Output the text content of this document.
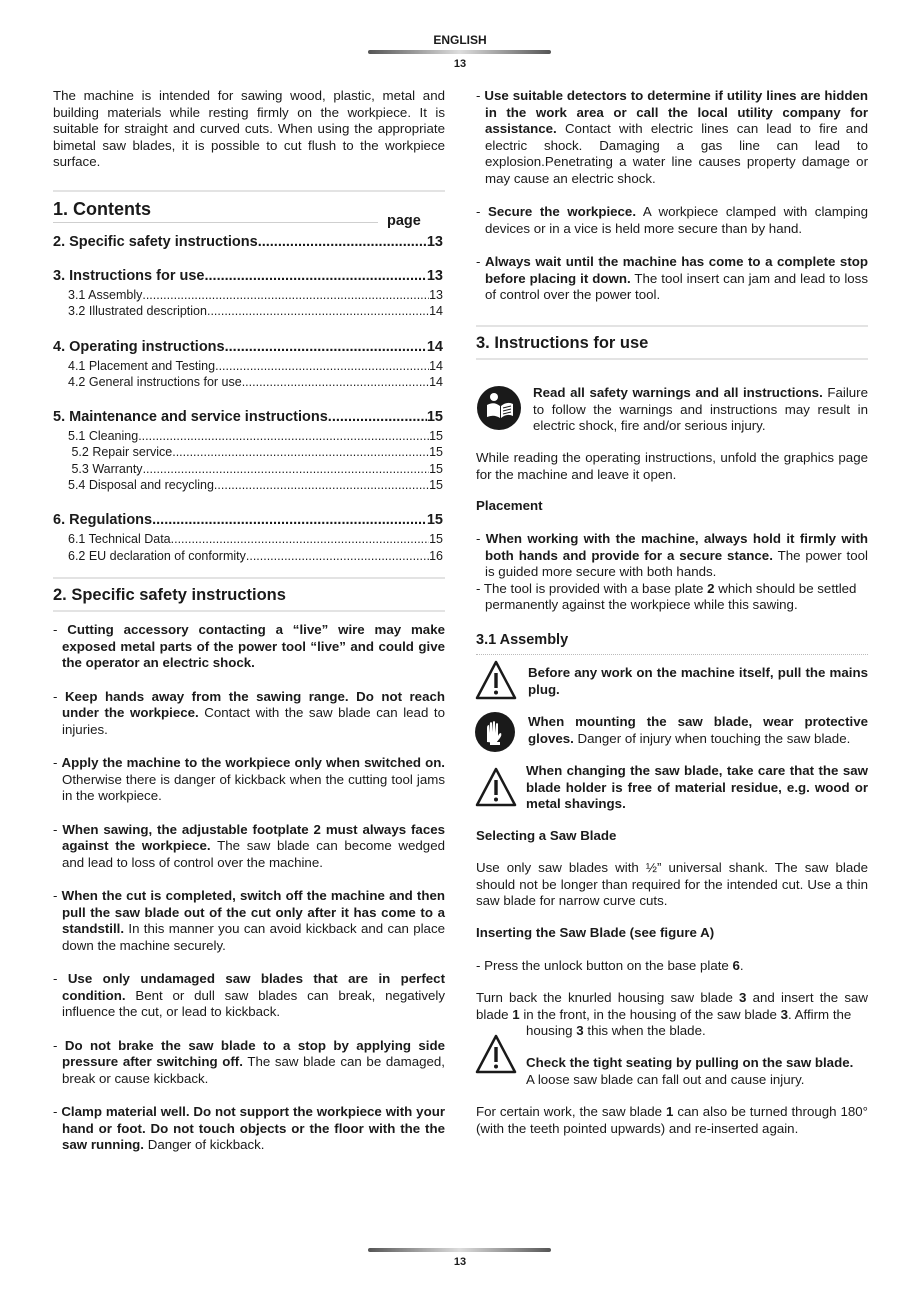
ENGLISH
13
The machine is intended for sawing wood, plastic, metal and building materials while resting firmly on the workpiece. It is suitable for straight and curved cuts. When using the appropriate bimetal saw blades, it is possible to cut flush to the workpiece surface.
1. Contents
page
2. Specific safety instructions .....	13
3. Instructions for use .....	13
3.1 Assembly .....	13
3.2 Illustrated description .....	14
4. Operating instructions .....	14
4.1 Placement and Testing .....	14
4.2 General instructions for use .....	14
5. Maintenance and service instructions .....	15
5.1 Cleaning .....	15
5.2 Repair service .....	15
5.3 Warranty .....	15
5.4 Disposal and recycling .....	15
6. Regulations .....	15
6.1 Technical Data .....	15
6.2 EU declaration of conformity .....	16
2. Specific safety instructions
- Cutting accessory contacting a “live” wire may make exposed metal parts of the power tool “live” and could give the operator an electric shock.
- Keep hands away from the sawing range. Do not reach under the workpiece. Contact with the saw blade can lead to injuries.
- Apply the machine to the workpiece only when switched on. Otherwise there is danger of kickback when the cutting tool jams in the workpiece.
- When sawing, the adjustable footplate 2 must always faces against the workpiece. The saw blade can become wedged and lead to loss of control over the machine.
- When the cut is completed, switch off the machine and then pull the saw blade out of the cut only after it has come to a standstill. In this manner you can avoid kickback and can place down the machine securely.
- Use only undamaged saw blades that are in perfect condition. Bent or dull saw blades can break, negatively influence the cut, or lead to kickback.
- Do not brake the saw blade to a stop by applying side pressure after switching off. The saw blade can be damaged, break or cause kickback.
- Clamp material well. Do not support the workpiece with your hand or foot. Do not touch objects or the floor with the the saw running. Danger of kickback.
- Use suitable detectors to determine if utility lines are hidden in the work area or call the local utility company for assistance. Contact with electric lines can lead to fire and electric shock. Damaging a gas line can lead to explosion.Penetrating a water line causes property damage or may cause an electric shock.
- Secure the workpiece. A workpiece clamped with clamping devices or in a vice is held more secure than by hand.
- Always wait until the machine has come to a complete stop before placing it down. The tool insert can jam and lead to loss of control over the power tool.
3. Instructions for use
Read all safety warnings and all instructions. Failure to follow the warnings and instructions may result in electric shock, fire and/or serious injury.
While reading the operating instructions, unfold the graphics page for the machine and leave it open.
Placement
- When working with the machine, always hold it firmly with both hands and provide for a secure stance. The power tool is guided more secure with both hands.
- The tool is provided with a base plate 2 which should be settled permanently against the workpiece while this sawing.
3.1 Assembly
Before any work on the machine itself, pull the mains plug.
When mounting the saw blade, wear protective gloves. Danger of injury when touching the saw blade.
When changing the saw blade, take care that the saw blade holder is free of material residue, e.g. wood or metal shavings.
Selecting a Saw Blade
Use only saw blades with ½” universal shank. The saw blade should not be longer than required for the intended cut. Use a thin saw blade for narrow curve cuts.
Inserting the Saw Blade (see figure A)
- Press the unlock button on the base plate 6.
Turn back the knurled housing saw blade 3 and insert the saw blade 1 in the front, in the housing of the saw blade 3. Affirm the
housing 3 this when the blade.
Check the tight seating by pulling on the saw blade.
A loose saw blade can fall out and cause injury.
For certain work, the saw blade 1 can also be turned through 180° (with the teeth pointed upwards) and re-inserted again.
13
